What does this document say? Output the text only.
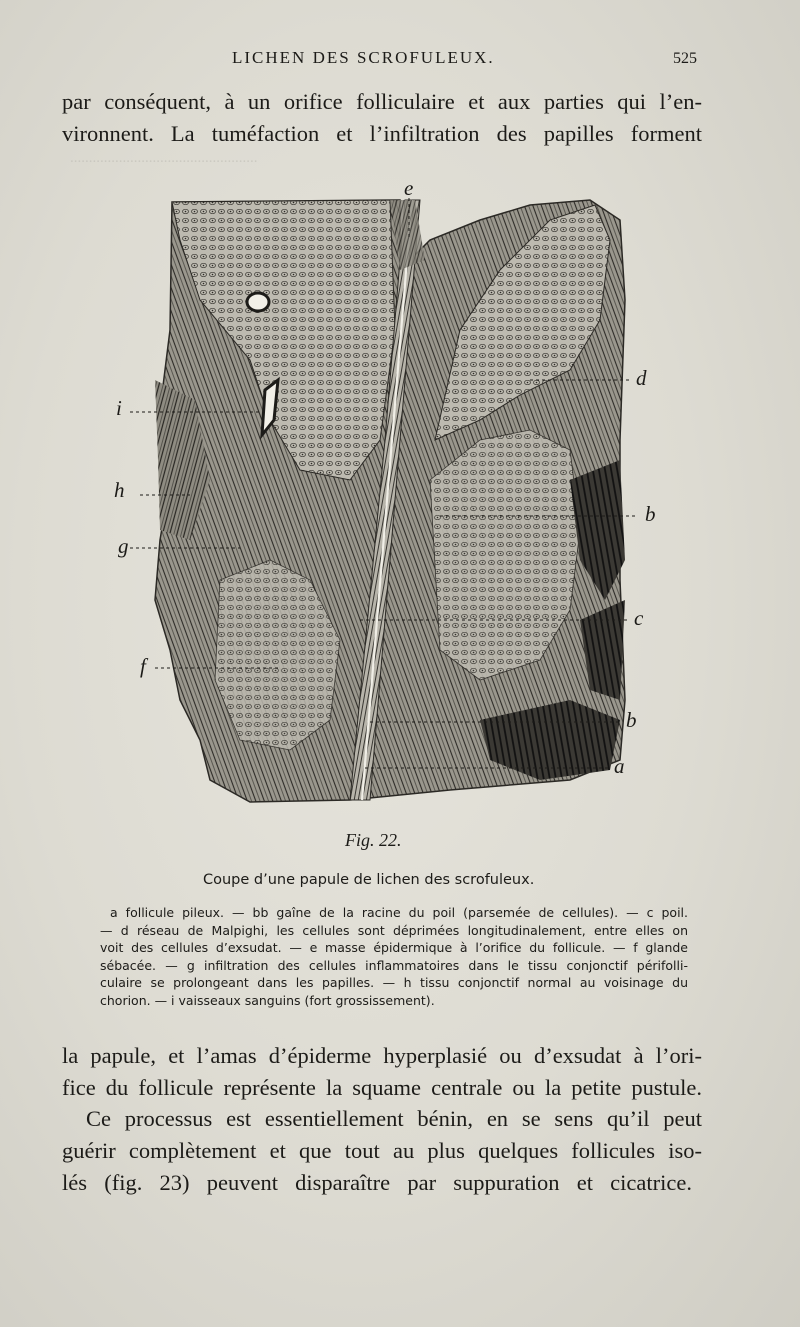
..................................................
LICHEN DES SCROFULEUX.	525
par conséquent, à un orifice folliculaire et aux parties qui l’en-
vironnent. La tuméfaction et l’infiltration des papilles forment
e
d
i
h
b
g
c
f
b
a
Fig. 22.
Coupe d’une papule de lichen des scrofuleux.
a follicule pileux. — bb gaîne de la racine du poil (parsemée de cellules). — c poil.
— d réseau de Malpighi, les cellules sont déprimées longitudinalement, entre elles on
voit des cellules d’exsudat. — e masse épidermique à l’orifice du follicule. — f glande
sébacée. — g infiltration des cellules inflammatoires dans le tissu conjonctif périfolli-
culaire se prolongeant dans les papilles. — h tissu conjonctif normal au voisinage du
chorion. — i vaisseaux sanguins (fort grossissement).
la papule, et l’amas d’épiderme hyperplasié ou d’exsudat à l’ori-
fice du follicule représente la squame centrale ou la petite pustule.
Ce processus est essentiellement bénin, en se sens qu’il peut
guérir complètement et que tout au plus quelques follicules iso-
lés (fig. 23) peuvent disparaître par suppuration et cicatrice.
